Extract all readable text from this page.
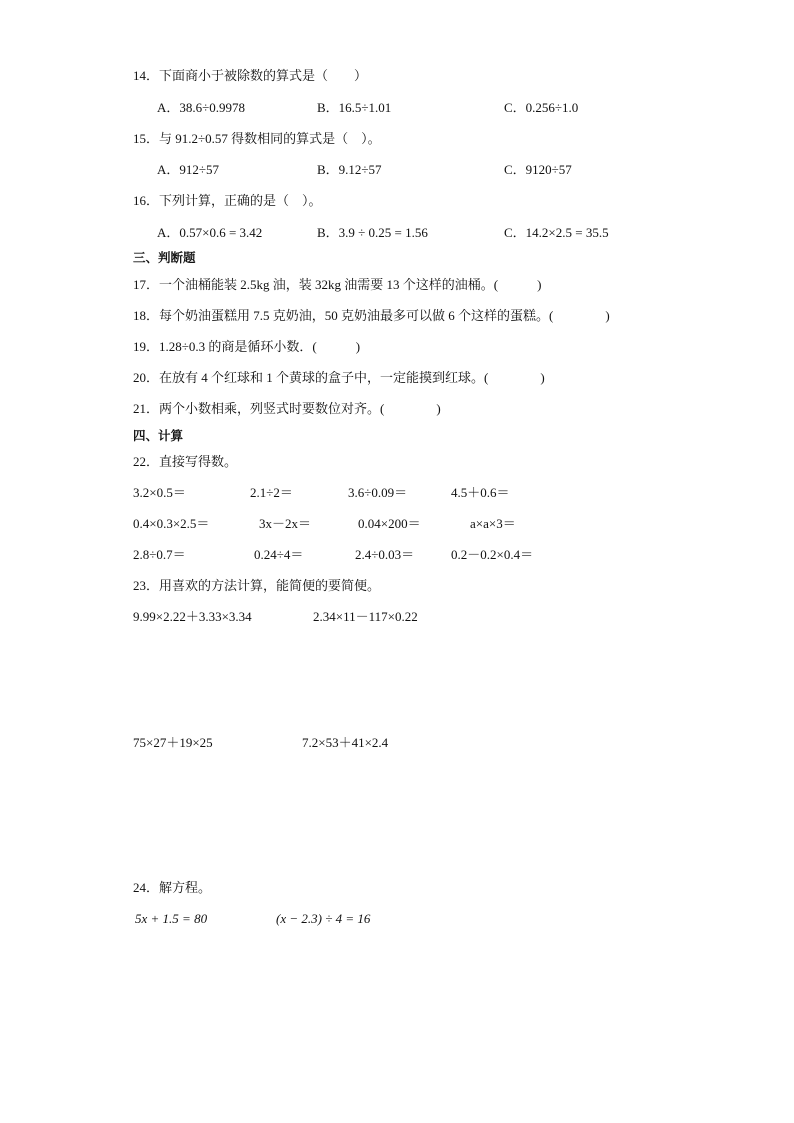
14．下面商小于被除数的算式是（　　）
A．38.6÷0.9978	B．16.5÷1.01	C．0.256÷1.0
15．与 91.2÷0.57 得数相同的算式是（　）。
A．912÷57	B．9.12÷57	C．9120÷57
16．下列计算，正确的是（　）。
A．0.57×0.6 = 3.42	B．3.9 ÷ 0.25 = 1.56	C．14.2×2.5 = 35.5
三、判断题
17．一个油桶能装 2.5kg 油，装 32kg 油需要 13 个这样的油桶。(　　　)
18．每个奶油蛋糕用 7.5 克奶油，50 克奶油最多可以做 6 个这样的蛋糕。(　　　　)
19．1.28÷0.3 的商是循环小数．(　　　)
20．在放有 4 个红球和 1 个黄球的盒子中，一定能摸到红球。(　　　　)
21．两个小数相乘，列竖式时要数位对齐。(　　　　)
四、计算
22．直接写得数。
3.2×0.5＝	2.1÷2＝	3.6÷0.09＝	4.5＋0.6＝
0.4×0.3×2.5＝	3x－2x＝	0.04×200＝	a×a×3＝
2.8÷0.7＝	0.24÷4＝	2.4÷0.03＝	0.2－0.2×0.4＝
23．用喜欢的方法计算，能简便的要简便。
9.99×2.22＋3.33×3.34	2.34×11－117×0.22
75×27＋19×25	7.2×53＋41×2.4
24．解方程。
5x + 1.5 = 80	(x − 2.3) ÷ 4 = 16
